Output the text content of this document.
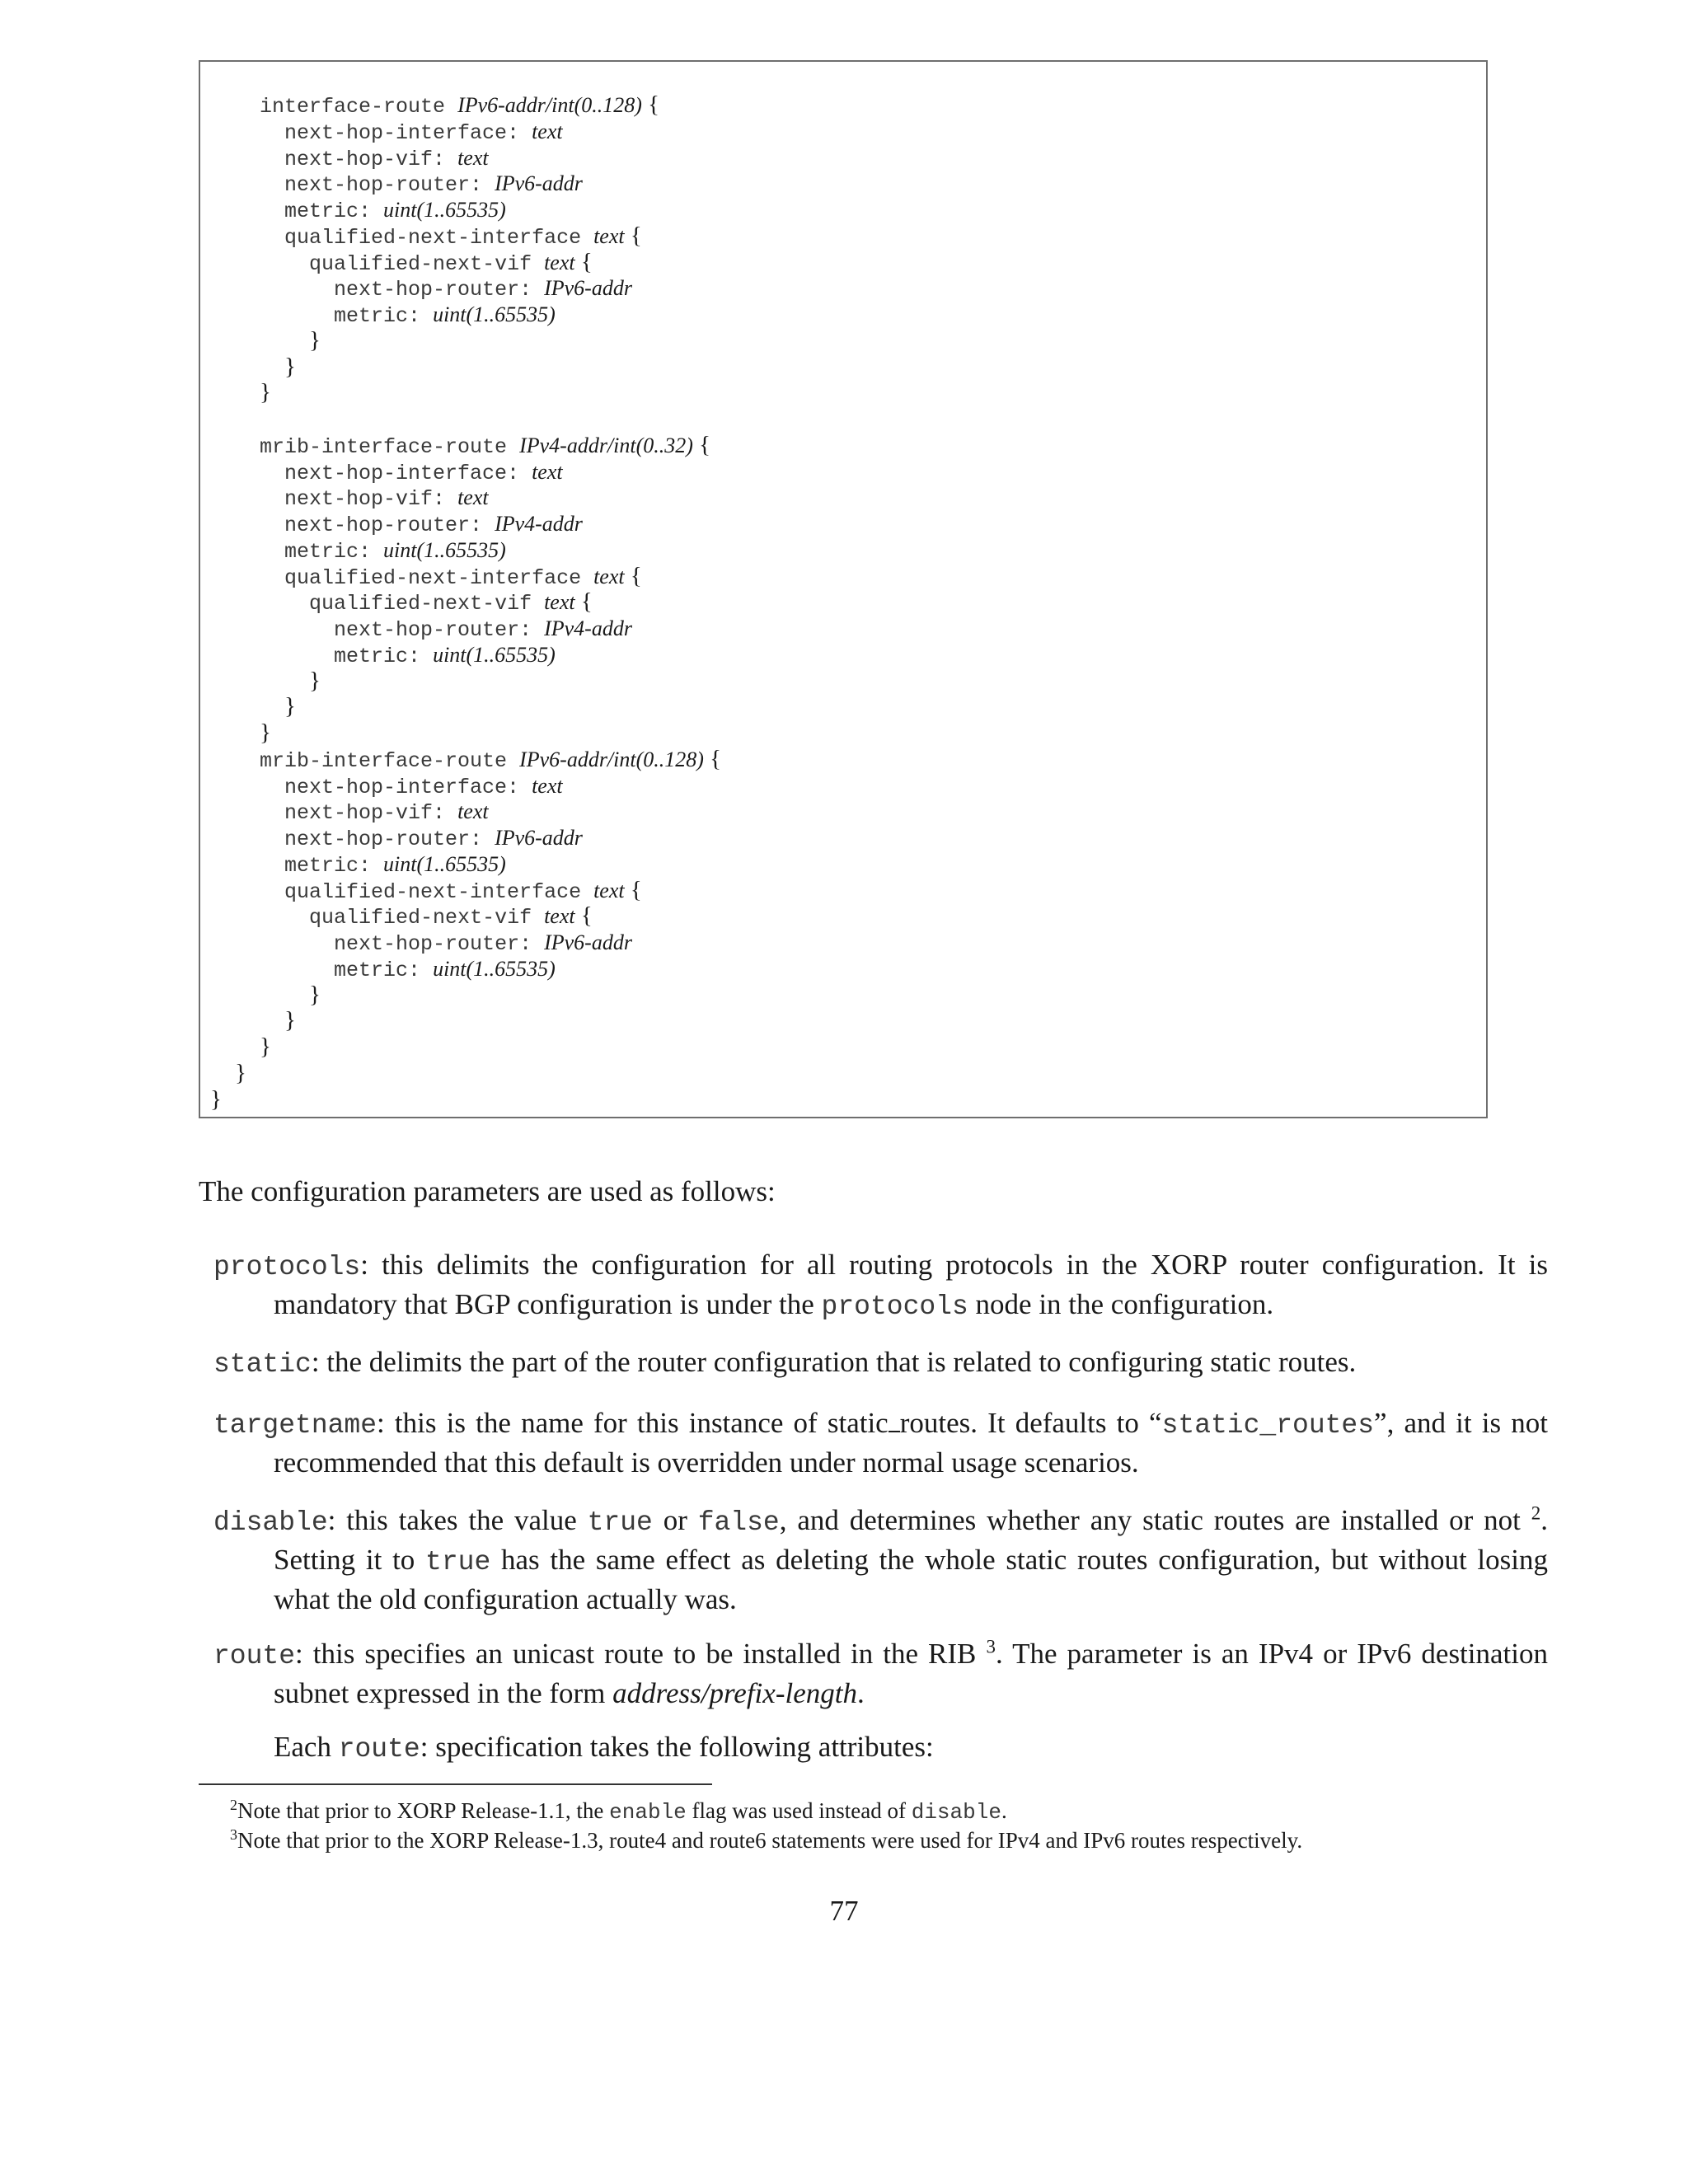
interface-route IPv6-addr/int(0..128) {
next-hop-interface: text
next-hop-vif: text
next-hop-router: IPv6-addr
metric: uint(1..65535)
qualified-next-interface text {
qualified-next-vif text {
next-hop-router: IPv6-addr
metric: uint(1..65535)
}
}
}
mrib-interface-route IPv4-addr/int(0..32) {
next-hop-interface: text
next-hop-vif: text
next-hop-router: IPv4-addr
metric: uint(1..65535)
qualified-next-interface text {
qualified-next-vif text {
next-hop-router: IPv4-addr
metric: uint(1..65535)
}
}
}
mrib-interface-route IPv6-addr/int(0..128) {
next-hop-interface: text
next-hop-vif: text
next-hop-router: IPv6-addr
metric: uint(1..65535)
qualified-next-interface text {
qualified-next-vif text {
next-hop-router: IPv6-addr
metric: uint(1..65535)
}
}
}
}
}
The configuration parameters are used as follows:
protocols: this delimits the configuration for all routing protocols in the XORP router configuration. It is mandatory that BGP configuration is under the protocols node in the configuration.
static: the delimits the part of the router configuration that is related to configuring static routes.
targetname: this is the name for this instance of static routes. It defaults to “static_routes”, and it is not recommended that this default is overridden under normal usage scenarios.
disable: this takes the value true or false, and determines whether any static routes are installed or not $^2$. Setting it to true has the same effect as deleting the whole static routes configuration, but without losing what the old configuration actually was.
route: this specifies an unicast route to be installed in the RIB $^3$. The parameter is an IPv4 or IPv6 destination subnet expressed in the form address/prefix-length.
Each route: specification takes the following attributes:
$^2$Note that prior to XORP Release-1.1, the enable flag was used instead of disable.
$^3$Note that prior to the XORP Release-1.3, route4 and route6 statements were used for IPv4 and IPv6 routes respectively.
77
